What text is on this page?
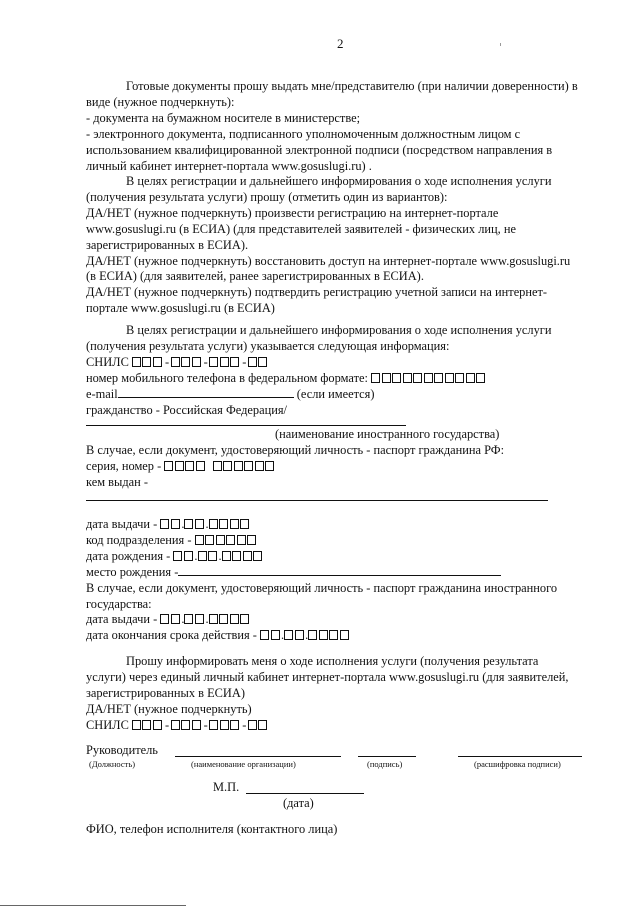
2
Готовые документы прошу выдать мне/представителю (при наличии доверенности) в
виде (нужное подчеркнуть):
- документа на бумажном носителе в министерстве;
- электронного документа, подписанного уполномоченным должностным лицом с
использованием квалифицированной электронной подписи (посредством направления в
личный кабинет интернет-портала www.gosuslugi.ru) .
В целях регистрации и дальнейшего информирования о ходе исполнения услуги
(получения результата услуги) прошу (отметить один из вариантов):
ДА/НЕТ (нужное подчеркнуть) произвести регистрацию на интернет-портале
www.gosuslugi.ru (в ЕСИА) (для представителей заявителей - физических лиц, не
зарегистрированных в ЕСИА).
ДА/НЕТ (нужное подчеркнуть) восстановить доступ на интернет-портале www.gosuslugi.ru
(в ЕСИА) (для заявителей, ранее зарегистрированных в ЕСИА).
ДА/НЕТ (нужное подчеркнуть) подтвердить регистрацию учетной записи на интернет-
портале www.gosuslugi.ru (в ЕСИА)
В целях регистрации и дальнейшего информирования о ходе исполнения услуги
(получения результата услуги) указывается следующая информация:
СНИЛС	-	-	-
номер мобильного телефона в федеральном формате:
e-mail	(если имеется)
гражданство - Российская Федерация/
(наименование иностранного государства)
В случае, если документ, удостоверяющий личность - паспорт гражданина РФ:
серия, номер -
кем выдан -
дата выдачи - . .
код подразделения -
дата рождения - . .
место рождения -
В случае, если документ, удостоверяющий личность - паспорт гражданина иностранного
государства:
дата выдачи - . .
дата окончания срока действия - . .
Прошу информировать меня о ходе исполнения услуги (получения результата
услуги) через единый личный кабинет интернет-портала www.gosuslugi.ru (для заявителей,
зарегистрированных в ЕСИА)
ДА/НЕТ (нужное подчеркнуть)
СНИЛС	-	-	-
Руководитель
(Должность)	(наименование организации)	(подпись)	(расшифровка подписи)
М.П.
(дата)
ФИО, телефон исполнителя (контактного лица)
